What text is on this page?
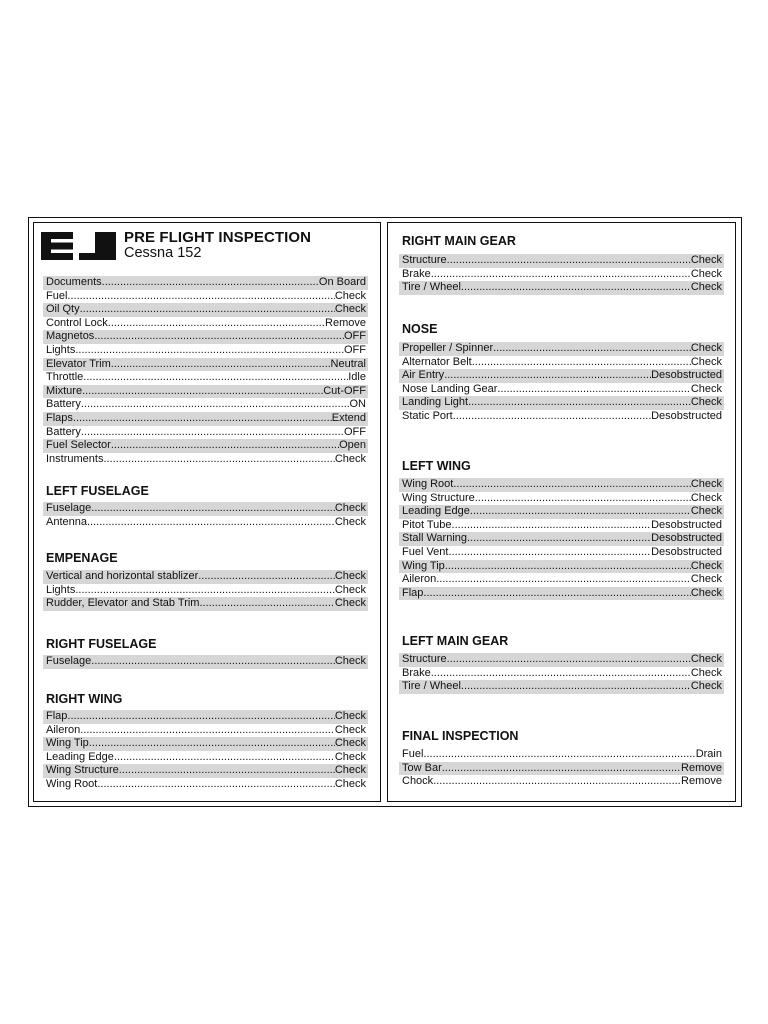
PRE FLIGHT INSPECTION
Cessna 152
Documents .....	On Board
Fuel .....	Check
Oil Qty .....	Check
Control Lock .....	Remove
Magnetos .....	OFF
Lights .....	OFF
Elevator Trim .....	Neutral
Throttle .....	Idle
Mixture .....	Cut-OFF
Battery .....	ON
Flaps .....	Extend
Battery .....	OFF
Fuel Selector .....	Open
Instruments .....	Check
LEFT FUSELAGE
Fuselage .....	Check
Antenna .....	Check
EMPENAGE
Vertical and horizontal stablizer .....	Check
Lights .....	Check
Rudder, Elevator and Stab Trim .....	Check
RIGHT FUSELAGE
Fuselage .....	Check
RIGHT WING
Flap .....	Check
Aileron .....	Check
Wing Tip .....	Check
Leading Edge .....	Check
Wing Structure .....	Check
Wing Root .....	Check
RIGHT MAIN GEAR
Structure .....	Check
Brake .....	Check
Tire / Wheel .....	Check
NOSE
Propeller / Spinner .....	Check
Alternator Belt .....	Check
Air Entry .....	Desobstructed
Nose Landing Gear .....	Check
Landing Light .....	Check
Static Port .....	Desobstructed
LEFT WING
Wing Root .....	Check
Wing Structure .....	Check
Leading Edge .....	Check
Pitot Tube .....	Desobstructed
Stall Warning .....	Desobstructed
Fuel Vent .....	Desobstructed
Wing Tip .....	Check
Aileron .....	Check
Flap .....	Check
LEFT MAIN GEAR
Structure .....	Check
Brake .....	Check
Tire / Wheel .....	Check
FINAL INSPECTION
Fuel .....	Drain
Tow Bar .....	Remove
Chock .....	Remove
